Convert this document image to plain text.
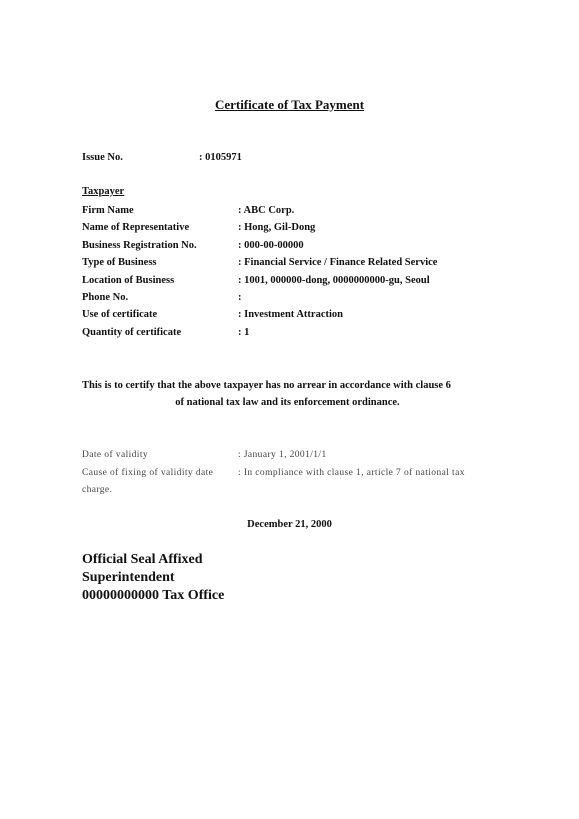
Certificate of Tax Payment
Issue No.	: 0105971
Taxpayer
Firm Name	: ABC Corp.
Name of Representative	: Hong, Gil-Dong
Business Registration No.	: 000-00-00000
Type of Business	: Financial Service / Finance Related Service
Location of Business	: 1001, 000000-dong, 0000000000-gu, Seoul
Phone No.	:
Use of certificate	: Investment Attraction
Quantity of certificate	: 1
This is to certify that the above taxpayer has no arrear in accordance with clause 6
of national tax law and its enforcement ordinance.
Date of validity	: January 1, 2001/1/1
Cause of fixing of validity date	: In compliance with clause 1, article 7 of national tax
charge.
December 21, 2000
Official Seal Affixed
Superintendent
00000000000 Tax Office
